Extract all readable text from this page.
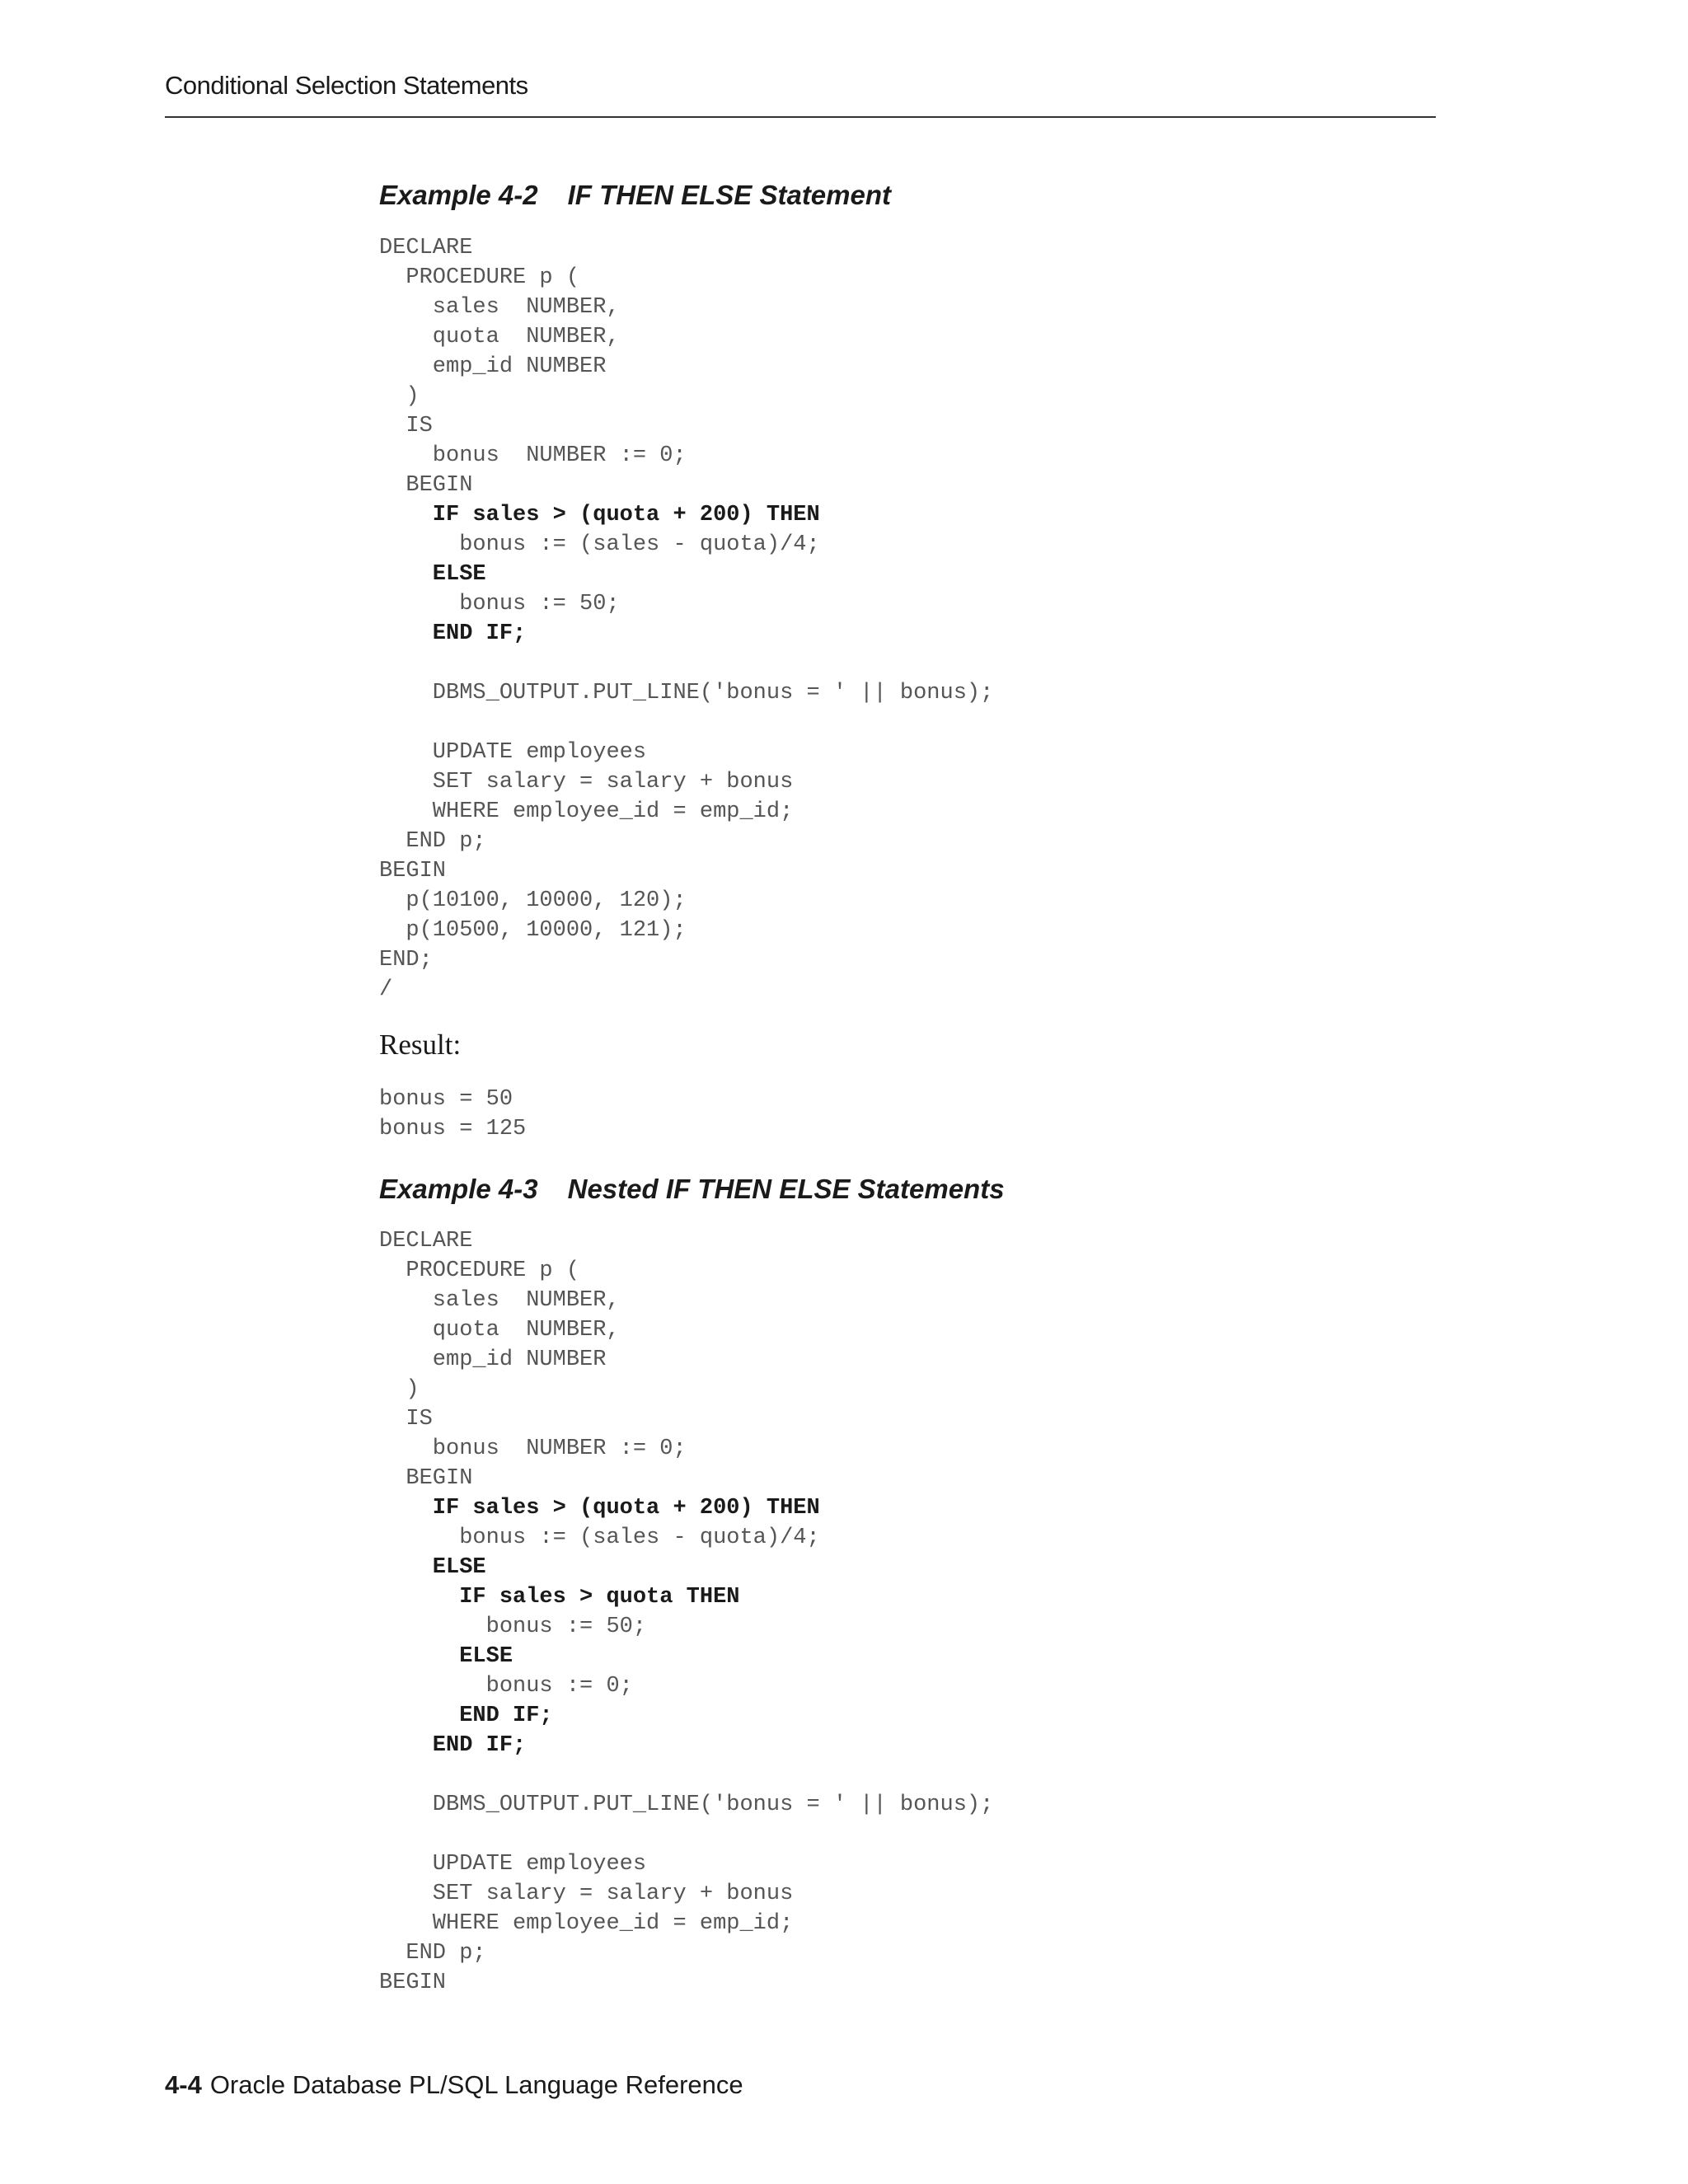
Conditional Selection Statements
Example 4-2 IF THEN ELSE Statement
DECLARE
PROCEDURE p (
sales  NUMBER,
quota  NUMBER,
emp_id NUMBER
)
IS
bonus  NUMBER := 0;
BEGIN
IF sales > (quota + 200) THEN
bonus := (sales - quota)/4;
ELSE
bonus := 50;
END IF;
DBMS_OUTPUT.PUT_LINE('bonus = ' || bonus);
UPDATE employees
SET salary = salary + bonus
WHERE employee_id = emp_id;
END p;
BEGIN
p(10100, 10000, 120);
p(10500, 10000, 121);
END;
/
Result:
bonus = 50
bonus = 125
Example 4-3 Nested IF THEN ELSE Statements
DECLARE
PROCEDURE p (
sales  NUMBER,
quota  NUMBER,
emp_id NUMBER
)
IS
bonus  NUMBER := 0;
BEGIN
IF sales > (quota + 200) THEN
bonus := (sales - quota)/4;
ELSE
IF sales > quota THEN
bonus := 50;
ELSE
bonus := 0;
END IF;
END IF;
DBMS_OUTPUT.PUT_LINE('bonus = ' || bonus);
UPDATE employees
SET salary = salary + bonus
WHERE employee_id = emp_id;
END p;
BEGIN
4-4 Oracle Database PL/SQL Language Reference
